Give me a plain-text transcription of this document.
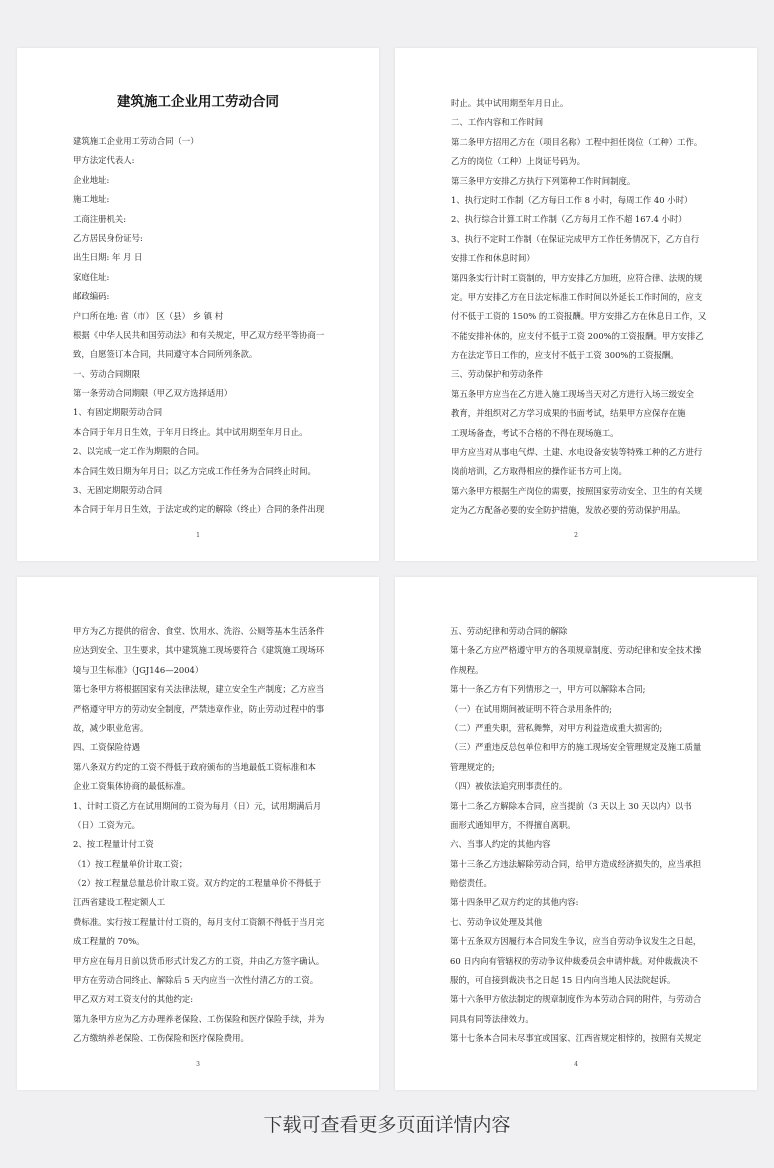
建筑施工企业用工劳动合同
建筑施工企业用工劳动合同（一）
甲方法定代表人:
企业地址:
施工地址:
工商注册机关:
乙方居民身份证号:
出生日期: 年 月 日
家庭住址:
邮政编码:
户口所在地: 省（市） 区（县） 乡 镇 村
根据《中华人民共和国劳动法》和有关规定，甲乙双方经平等协商一
致，自愿签订本合同，共同遵守本合同所列条款。
一、劳动合同期限
第一条劳动合同期限（甲乙双方选择适用）
1、有固定期限劳动合同
本合同于年月日生效，于年月日终止。其中试用期至年月日止。
2、以完成一定工作为期限的合同。
本合同生效日期为年月日；以乙方完成工作任务为合同终止时间。
3、无固定期限劳动合同
本合同于年月日生效，于法定或约定的解除（终止）合同的条件出现
1
时止。其中试用期至年月日止。
二、工作内容和工作时间
第二条甲方招用乙方在（项目名称）工程中担任岗位（工种）工作。
乙方的岗位（工种）上岗证号码为。
第三条甲方安排乙方执行下列第种工作时间制度。
1、执行定时工作制（乙方每日工作 8 小时，每周工作 40 小时）
2、执行综合计算工时工作制（乙方每月工作不超 167.4 小时）
3、执行不定时工作制（在保证完成甲方工作任务情况下，乙方自行
安排工作和休息时间）
第四条实行计时工资制的，甲方安排乙方加班，应符合律、法规的规
定。甲方安排乙方在日法定标准工作时间以外延长工作时间的，应支
付不低于工资的 150% 的工资报酬。甲方安排乙方在休息日工作，又
不能安排补休的，应支付不低于工资 200%的工资报酬。甲方安排乙
方在法定节日工作的，应支付不低于工资 300%的工资报酬。
三、劳动保护和劳动条件
第五条甲方应当在乙方进入施工现场当天对乙方进行入场三级安全
教育，并组织对乙方学习成果的书面考试，结果甲方应保存在施
工现场备查，考试不合格的不得在现场施工。
甲方应当对从事电气焊、土建、水电设备安装等特殊工种的乙方进行
岗前培训，乙方取得相应的操作证书方可上岗。
第六条甲方根据生产岗位的需要，按照国家劳动安全、卫生的有关规
定为乙方配备必要的安全防护措施，发放必要的劳动保护用品。
2
甲方为乙方提供的宿舍、食堂、饮用水、洗浴、公厕等基本生活条件
应达到安全、卫生要求，其中建筑施工现场要符合《建筑施工现场环
境与卫生标准》（JGJ146—2004）
第七条甲方将根据国家有关法律法规，建立安全生产制度；乙方应当
严格遵守甲方的劳动安全制度，严禁违章作业，防止劳动过程中的事
故，减少职业危害。
四、工资保险待遇
第八条双方约定的工资不得低于政府颁布的当地最低工资标准和本
企业工资集体协商的最低标准。
1、计时工资乙方在试用期间的工资为每月（日）元，试用期满后月
（日）工资为元。
2、按工程量计付工资
（1）按工程量单价计取工资；
（2）按工程量总量总价计取工资。双方约定的工程量单价不得低于
江西省建设工程定额人工
费标准。实行按工程量计付工资的，每月支付工资额不得低于当月完
成工程量的 70%。
甲方应在每月日前以货币形式计发乙方的工资，并由乙方签字确认。
甲方在劳动合同终止、解除后 5 天内应当一次性付清乙方的工资。
甲乙双方对工资支付的其他约定:
第九条甲方应为乙方办理养老保险、工伤保险和医疗保险手续，并为
乙方缴纳养老保险、工伤保险和医疗保险费用。
3
五、劳动纪律和劳动合同的解除
第十条乙方应严格遵守甲方的各项规章制度、劳动纪律和安全技术操
作规程。
第十一条乙方有下列情形之一，甲方可以解除本合同;
（一）在试用期间被证明不符合录用条件的;
（二）严重失职，营私舞弊，对甲方利益造成重大损害的;
（三）严重违反总包单位和甲方的施工现场安全管理规定及施工质量
管理规定的;
（四）被依法追究刑事责任的。
第十二条乙方解除本合同，应当提前（3 天以上 30 天以内）以书
面形式通知甲方，不得擅自离职。
六、当事人约定的其他内容
第十三条乙方违法解除劳动合同，给甲方造成经济损失的，应当承担
赔偿责任。
第十四条甲乙双方约定的其他内容:
七、劳动争议处理及其他
第十五条双方因履行本合同发生争议，应当自劳动争议发生之日起，
60 日内向有管辖权的劳动争议仲裁委员会申请仲裁。对仲裁裁决不
服的，可自接到裁决书之日起 15 日内向当地人民法院起诉。
第十六条甲方依法制定的规章制度作为本劳动合同的附件，与劳动合
同具有同等法律效力。
第十七条本合同未尽事宜或国家、江西省规定相悖的，按照有关规定
4
下载可查看更多页面详情内容
